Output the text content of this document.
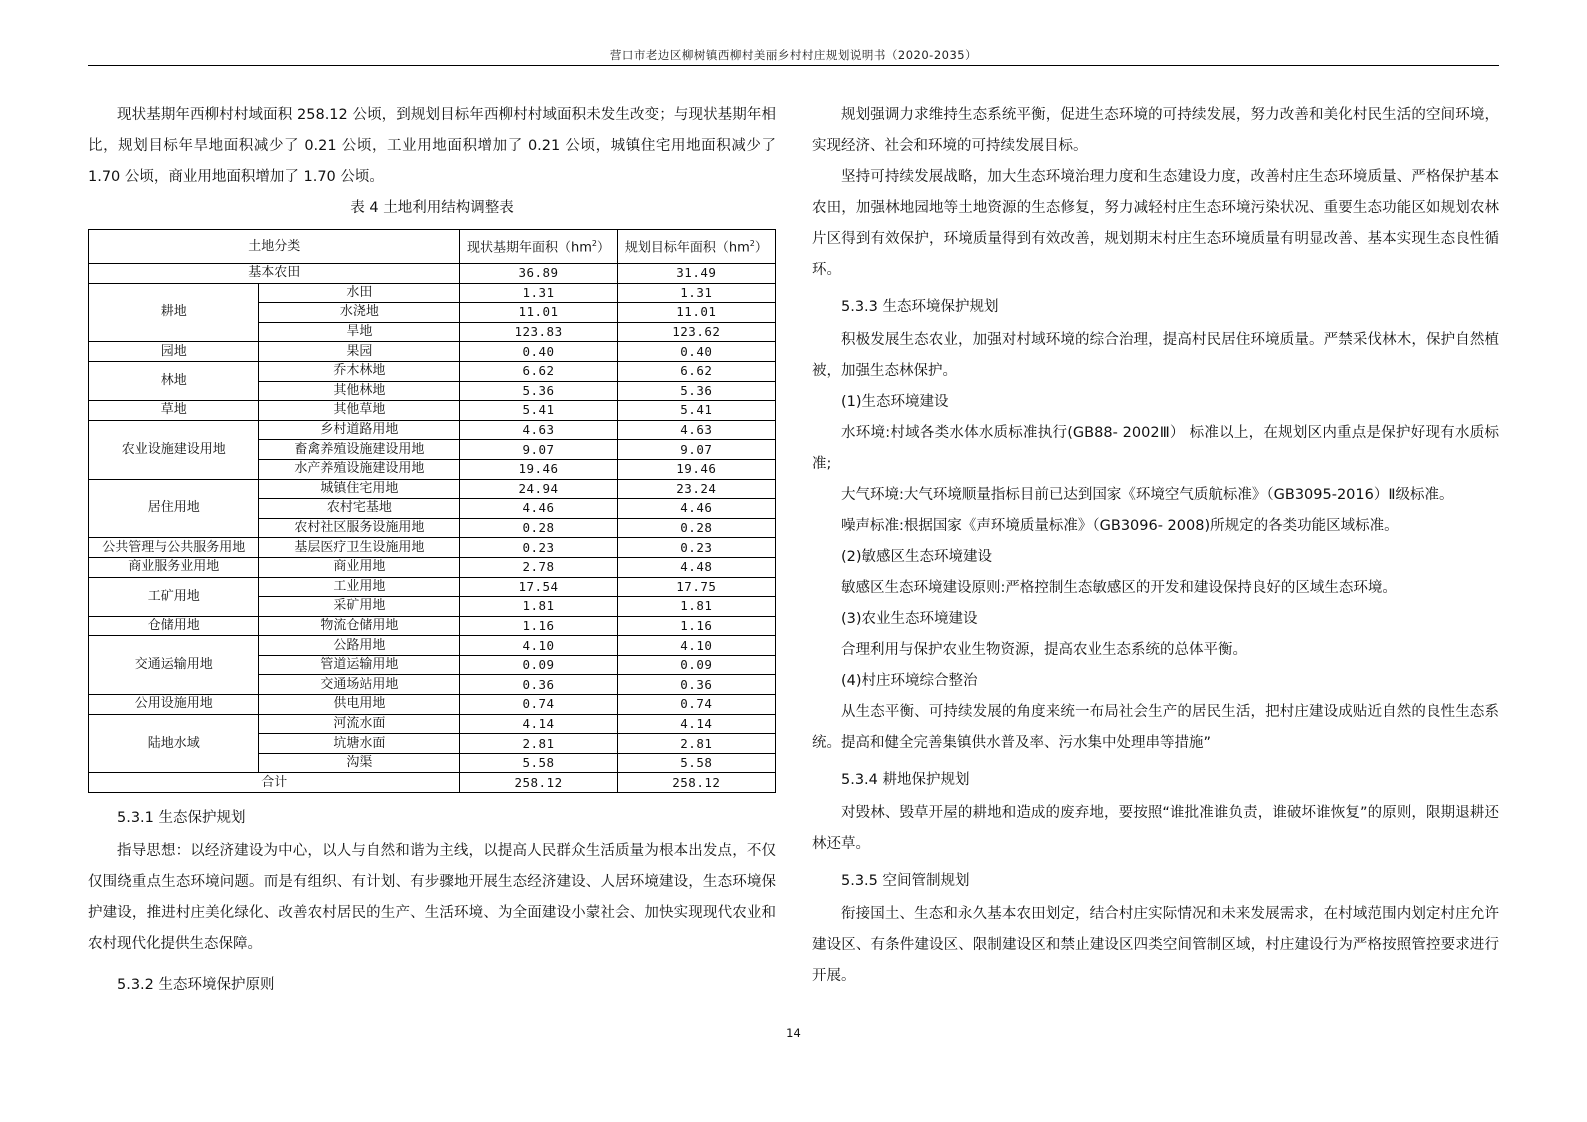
营口市老边区柳树镇西柳村美丽乡村村庄规划说明书（2020-2035）

现状基期年西柳村村域面积 258.12 公顷，到规划目标年西柳村村域面积未发生改变；与现状基期年相比，规划目标年旱地面积减少了 0.21 公顷，工业用地面积增加了 0.21 公顷，城镇住宅用地面积减少了 1.70 公顷，商业用地面积增加了 1.70 公顷。

表 4 土地利用结构调整表
土地分类		现状基期年面积$(hm^2)$	规划目标年面积$(hm^2)$
基本农田		36.89	31.49
耕地	水田	1.31	1.31
	水浇地	11.01	11.01
	旱地	123.83	123.62
园地	果园	0.40	0.40
林地	乔木林地	6.62	6.62
	其他林地	5.36	5.36
草地	其他草地	5.41	5.41
农业设施建设用地	乡村道路用地	4.63	4.63
	畜禽养殖设施建设用地	9.07	9.07
	水产养殖设施建设用地	19.46	19.46
居住用地	城镇住宅用地	24.94	23.24
	农村宅基地	4.46	4.46
	农村社区服务设施用地	0.28	0.28
公共管理与公共服务用地	基层医疗卫生设施用地	0.23	0.23
商业服务业用地	商业用地	2.78	4.48
工矿用地	工业用地	17.54	17.75
	采矿用地	1.81	1.81
仓储用地	物流仓储用地	1.16	1.16
交通运输用地	公路用地	4.10	4.10
	管道运输用地	0.09	0.09
	交通场站用地	0.36	0.36
公用设施用地	供电用地	0.74	0.74
陆地水域	河流水面	4.14	4.14
	坑塘水面	2.81	2.81
	沟渠	5.58	5.58
合计		258.12	258.12

5.3.1 生态保护规划

指导思想：以经济建设为中心，以人与自然和谐为主线，以提高人民群众生活质量为根本出发点，不仅仅围绕重点生态环境问题。而是有组织、有计划、有步骤地开展生态经济建设、人居环境建设，生态环境保护建设，推进村庄美化绿化、改善农村居民的生产、生活环境、为全面建设小蒙社会、加快实现现代农业和农村现代化提供生态保障。

5.3.2 生态环境保护原则

规划强调力求维持生态系统平衡，促进生态环境的可持续发展，努力改善和美化村民生活的空间环境，实现经济、社会和环境的可持续发展目标。

坚持可持续发展战略，加大生态环境治理力度和生态建设力度，改善村庄生态环境质量、严格保护基本农田，加强林地园地等土地资源的生态修复，努力减轻村庄生态环境污染状况、重要生态功能区如规划农林片区得到有效保护，环境质量得到有效改善，规划期末村庄生态环境质量有明显改善、基本实现生态良性循环。

5.3.3 生态环境保护规划

积极发展生态农业，加强对村域环境的综合治理，提高村民居住环境质量。严禁采伐林木，保护自然植被，加强生态林保护。

(1)生态环境建设

水环境:村域各类水体水质标准执行(GB88- 2002Ⅲ） 标准以上，在规划区内重点是保护好现有水质标准;

大气环境:大气环境顺量指标目前已达到国家《环境空气质航标准》（GB3095-2016）Ⅱ级标准。

噪声标准:根据国家《声环境质量标准》（GB3096- 2008)所规定的各类功能区域标准。

(2)敏感区生态环境建设

敏感区生态环境建设原则:严格控制生态敏感区的开发和建设保持良好的区域生态环境。

(3)农业生态环境建设

合理利用与保护农业生物资源，提高农业生态系统的总体平衡。

(4)村庄环境综合整治

从生态平衡、可持续发展的角度来统一布局社会生产的居民生活，把村庄建设成贴近自然的良性生态系统。提高和健全完善集镇供水普及率、污水集中处理串等措施”

5.3.4 耕地保护规划

对毁林、毁草开屋的耕地和造成的废弃地，要按照“谁批准谁负责，谁破坏谁恢复”的原则，限期退耕还林还草。

5.3.5 空间管制规划

衔接国土、生态和永久基本农田划定，结合村庄实际情况和未来发展需求，在村域范围内划定村庄允许建设区、有条件建设区、限制建设区和禁止建设区四类空间管制区域，村庄建设行为严格按照管控要求进行开展。

14
